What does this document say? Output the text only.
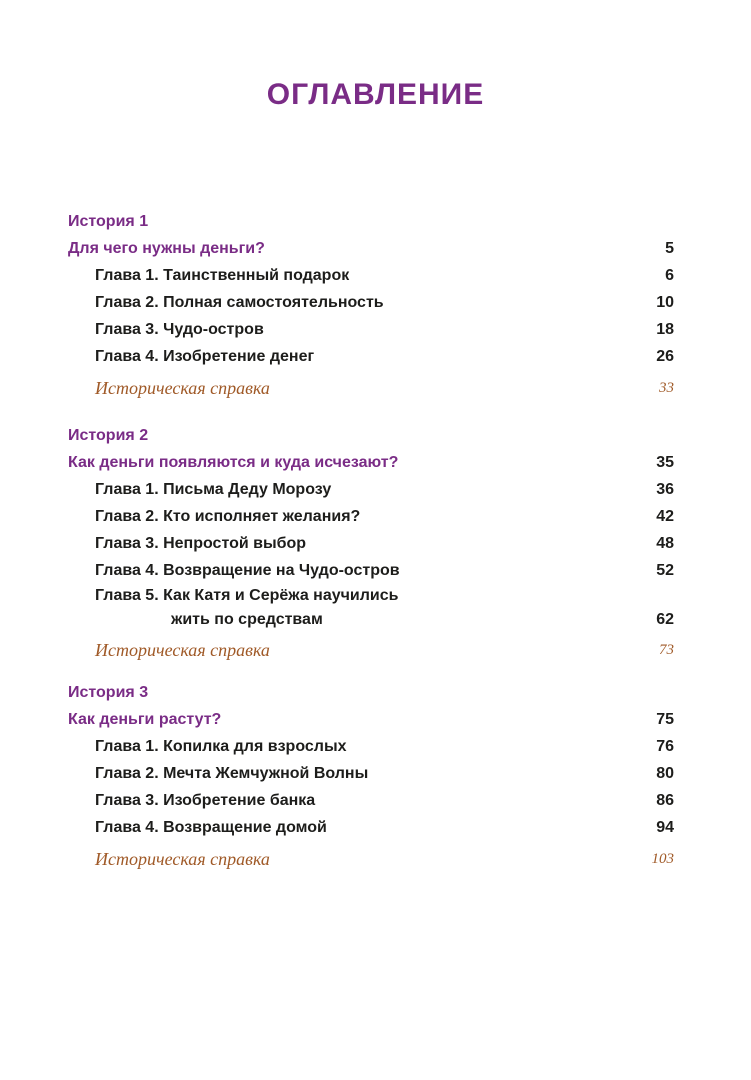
ОГЛАВЛЕНИЕ
История 1
Для чего нужны деньги?	5
Глава 1. Таинственный подарок	6
Глава 2. Полная самостоятельность	10
Глава 3. Чудо-остров	18
Глава 4. Изобретение денег	26
Историческая справка	33
История 2
Как деньги появляются и куда исчезают?	35
Глава 1. Письма Деду Морозу	36
Глава 2. Кто исполняет желания?	42
Глава 3. Непростой выбор	48
Глава 4. Возвращение на Чудо-остров	52
Глава 5. Как Катя и Серёжа научились
жить по средствам	62
Историческая справка	73
История 3
Как деньги растут?	75
Глава 1. Копилка для взрослых	76
Глава 2. Мечта Жемчужной Волны	80
Глава 3. Изобретение банка	86
Глава 4. Возвращение домой	94
Историческая справка	103
